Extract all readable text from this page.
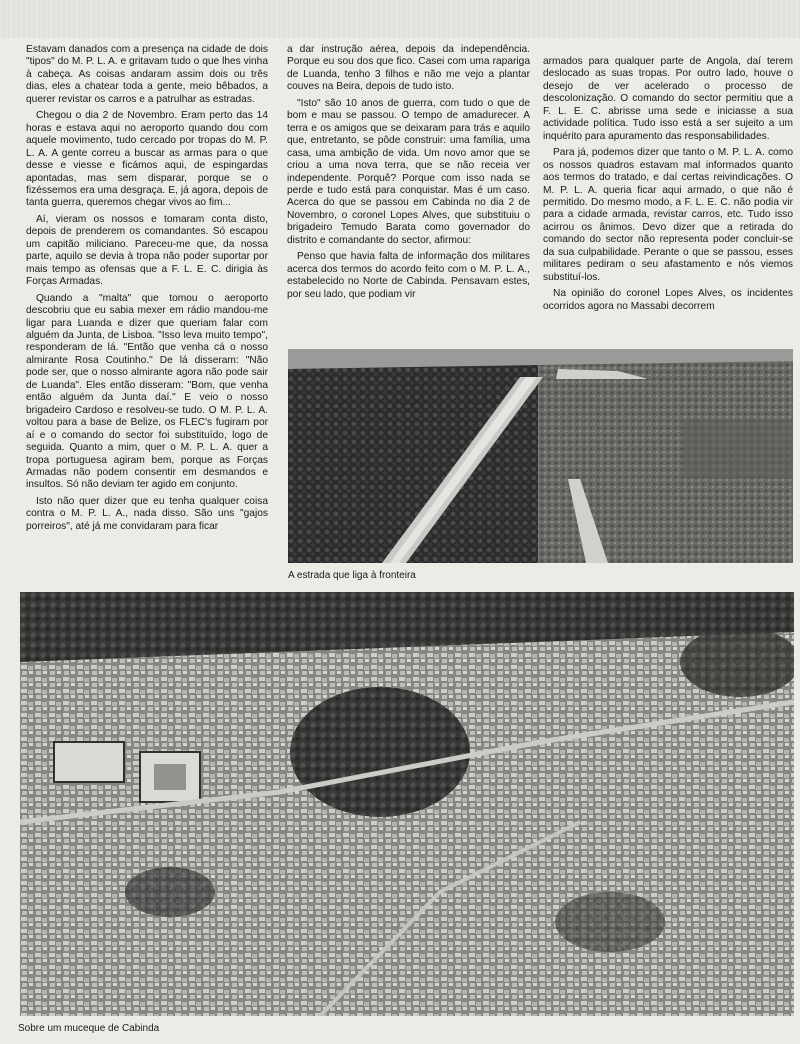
Estavam danados com a presença na cidade de dois "tipos" do M. P. L. A. e gritavam tudo o que lhes vinha à cabeça. As coisas andaram assim dois ou três dias, eles a chatear toda a gente, meio bêbados, a querer revistar os carros e a patrulhar as estradas.

Chegou o dia 2 de Novembro. Eram perto das 14 horas e estava aqui no aeroporto quando dou com aquele movimento, tudo cercado por tropas do M. P. L. A. A gente correu a buscar as armas para o que desse e viesse e ficámos aqui, de espingardas apontadas, mas sem disparar, porque se o fizéssemos era uma desgraça. E, já agora, depois de tanta guerra, queremos chegar vivos ao fim...

Aí, vieram os nossos e tomaram conta disto, depois de prenderem os comandantes. Só escapou um capitão miliciano. Pareceu-me que, da nossa parte, aquilo se devia à tropa não poder suportar por mais tempo as ofensas que a F. L. E. C. dirigia às Forças Armadas.

Quando a "malta" que tomou o aeroporto descobriu que eu sabia mexer em rádio mandou-me ligar para Luanda e dizer que queriam falar com alguém da Junta, de Lisboa. "Isso leva muito tempo", responderam de lá. "Então que venha cá o nosso almirante Rosa Coutinho." De lá disseram: "Não pode ser, que o nosso almirante agora não pode sair de Luanda". Eles então disseram: "Bom, que venha então alguém da Junta daí." E veio o nosso brigadeiro Cardoso e resolveu-se tudo. O M. P. L. A. voltou para a base de Belize, os FLEC's fugiram por aí e o comando do sector foi substituído, logo de seguida. Quanto a mim, quer o M. P. L. A. quer a tropa portuguesa agiram bem, porque as Forças Armadas não podem consentir em desmandos e insultos. Só não deviam ter agido em conjunto.

Isto não quer dizer que eu tenha qualquer coisa contra o M. P. L. A., nada disso. São uns "gajos porreiros", até já me convidaram para ficar

a dar instrução aérea, depois da independência. Porque eu sou dos que fico. Casei com uma rapariga de Luanda, tenho 3 filhos e não me vejo a plantar couves na Beira, depois de tudo isto.

"Isto" são 10 anos de guerra, com tudo o que de bom e mau se passou. O tempo de amadurecer. A terra e os amigos que se deixaram para trás e aquilo que, entretanto, se pôde construir: uma família, uma casa, uma ambição de vida. Um novo amor que se criou a uma nova terra, que se não receia ver independente. Porquê? Porque com isso nada se perde e tudo está para conquistar. Mas é um caso. Acerca do que se passou em Cabinda no dia 2 de Novembro, o coronel Lopes Alves, que substituiu o brigadeiro Temudo Barata como governador do distrito e comandante do sector, afirmou:

Penso que havia falta de informação dos militares acerca dos termos do acordo feito com o M. P. L. A., estabelecido no Norte de Cabinda. Pensavam estes, por seu lado, que podiam vir

armados para qualquer parte de Angola, daí terem deslocado as suas tropas. Por outro lado, houve o desejo de ver acelerado o processo de descolonização. O comando do sector permitiu que a F. L. E. C. abrisse uma sede e iniciasse a sua actividade política. Tudo isso está a ser sujeito a um inquérito para apuramento das responsabilidades.

Para já, podemos dizer que tanto o M. P. L. A. como os nossos quadros estavam mal informados quanto aos termos do tratado, e daí certas reivindicações. O M. P. L. A. queria ficar aqui armado, o que não é permitido. Do mesmo modo, a F. L. E. C. não podia vir para a cidade armada, revistar carros, etc. Tudo isso acirrou os ânimos. Devo dizer que a retirada do comando do sector não representa poder concluir-se da sua culpabilidade. Perante o que se passou, esses militares pediram o seu afastamento e nós viemos substituí-los.

Na opinião do coronel Lopes Alves, os incidentes ocorridos agora no Massabi decorrem

A estrada que liga à fronteira
Sobre um muceque de Cabinda
